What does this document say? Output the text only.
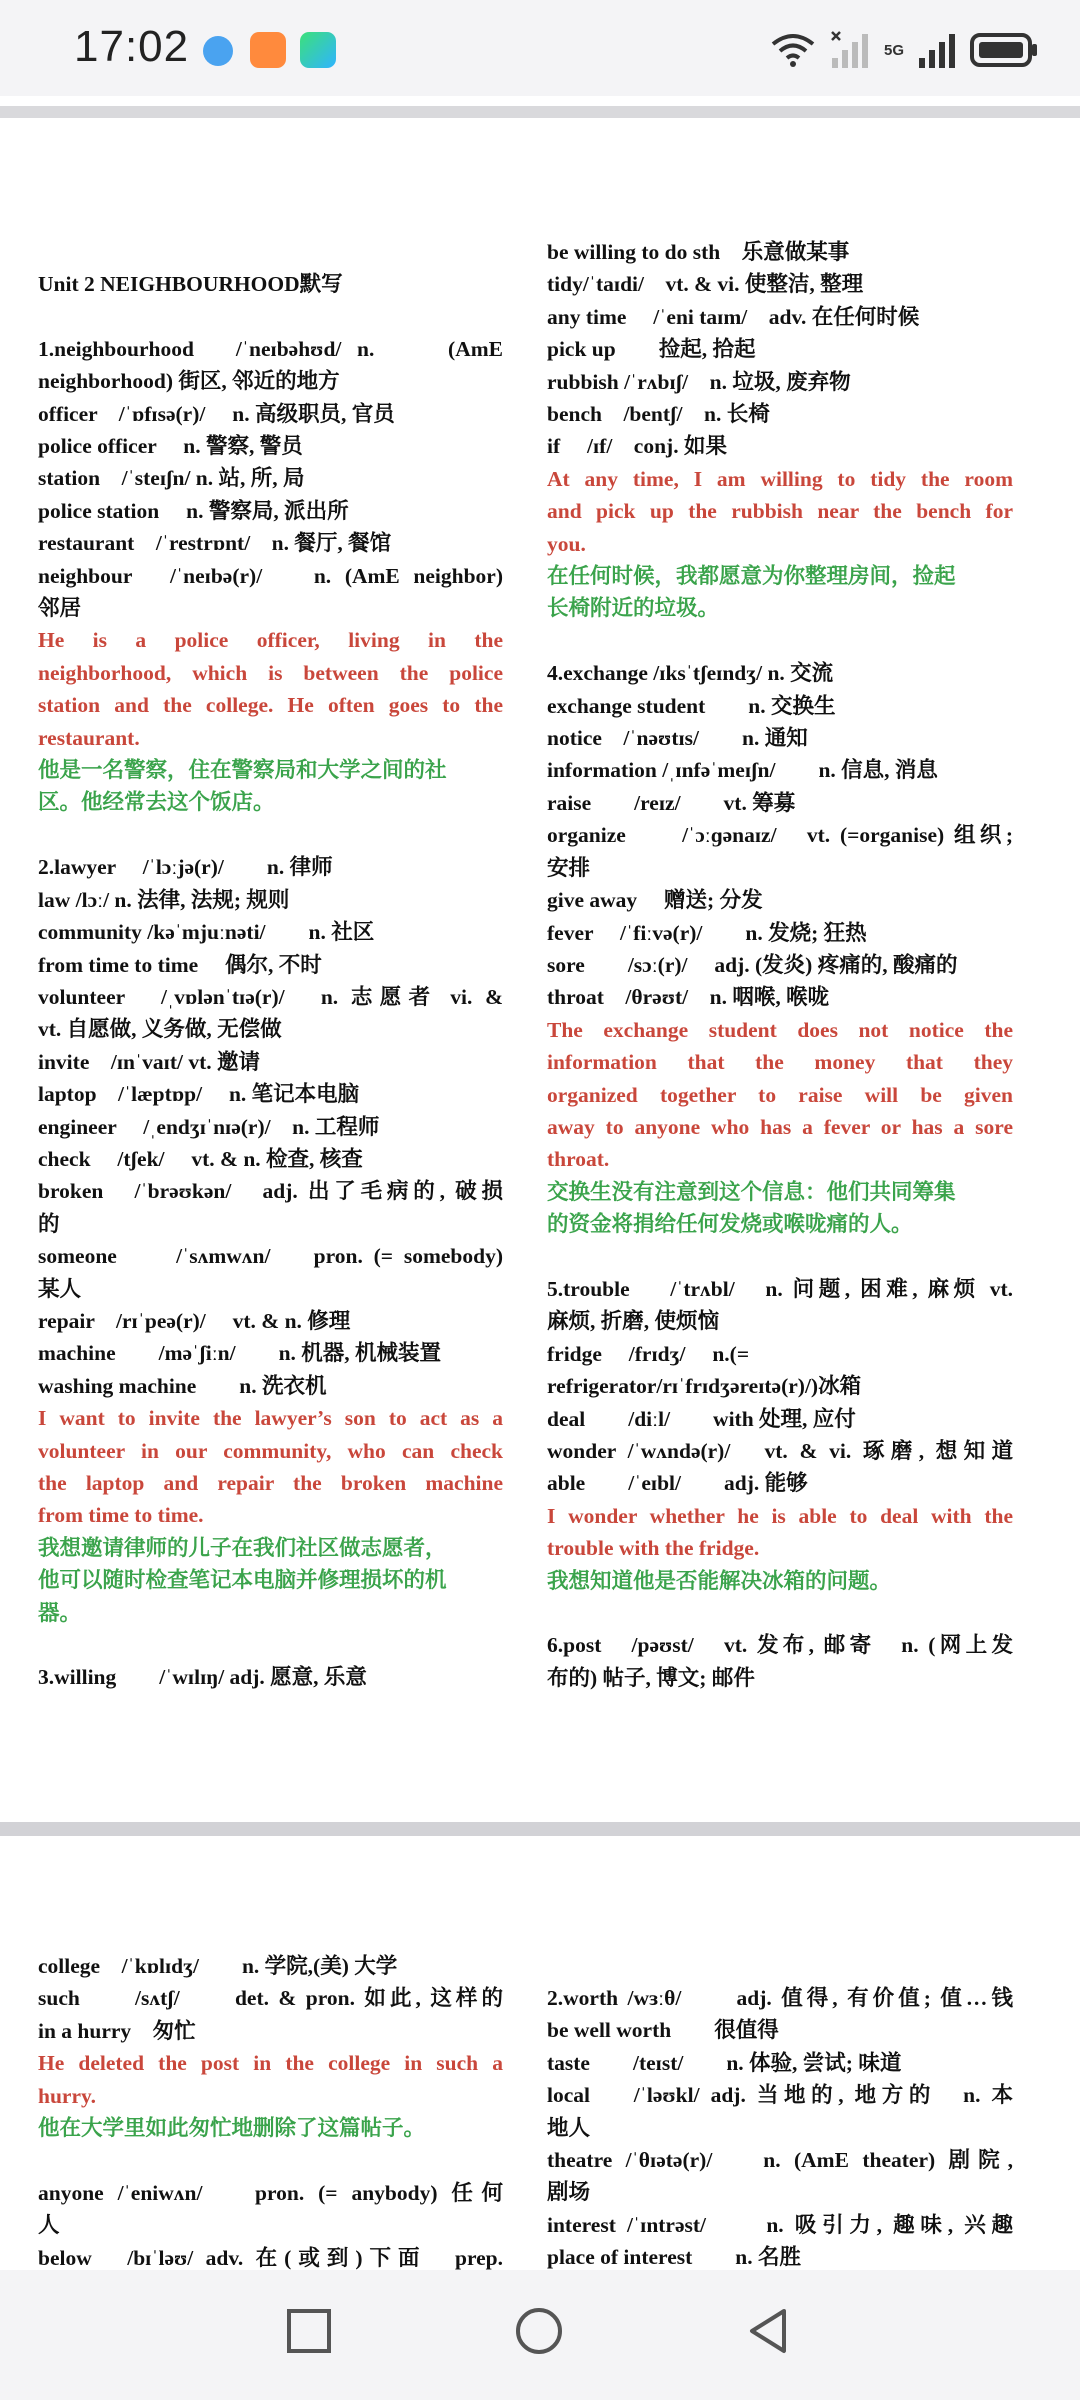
17:02	5G
Unit 2 NEIGHBOURHOOD默写
1.neighbourhood　/ˈneɪbəhʊd/ n.　　(AmE
neighborhood) 街区, 邻近的地方
officer　/ˈɒfɪsə(r)/　 n. 高级职员, 官员
police officer　 n. 警察, 警员
station　/ˈsteɪʃn/ n. 站, 所, 局
police station　 n. 警察局, 派出所
restaurant　/ˈrestrɒnt/　n. 餐厅, 餐馆
neighbour　/ˈneɪbə(r)/　 n. (AmE neighbor)
邻居
He is a police officer, living in the
neighborhood, which is between the police
station and the college. He often goes to the
restaurant.
他是一名警察，住在警察局和大学之间的社
区。他经常去这个饭店。
2.lawyer　 /ˈlɔːjə(r)/　　n. 律师
law /lɔː/ n. 法律, 法规; 规则
community /kəˈmjuːnəti/　　n. 社区
from time to time　 偶尔, 不时
volunteer　/ˌvɒlənˈtɪə(r)/　n. 志愿者 vi. &
vt. 自愿做, 义务做, 无偿做
invite　/ɪnˈvaɪt/ vt. 邀请
laptop　/ˈlæptɒp/　 n. 笔记本电脑
engineer　 /ˌendʒɪˈnɪə(r)/　n. 工程师
check　 /tʃek/　 vt. & n. 检查, 核查
broken　/ˈbrəʊkən/　adj. 出了毛病的, 破损
的
someone　　/ˈsʌmwʌn/　 pron. (= somebody)
某人
repair　/rɪˈpeə(r)/　 vt. & n. 修理
machine　　/məˈʃiːn/　　n. 机器, 机械装置
washing machine　　n. 洗衣机
I want to invite the lawyer’s son to act as a
volunteer in our community, who can check
the laptop and repair the broken machine
from time to time.
我想邀请律师的儿子在我们社区做志愿者，
他可以随时检查笔记本电脑并修理损坏的机
器。
3.willing　　/ˈwɪlɪŋ/ adj. 愿意, 乐意
be willing to do sth　乐意做某事
tidy/ˈtaɪdi/　vt. & vi. 使整洁, 整理
any time　 /ˈeni taɪm/　adv. 在任何时候
pick up　　捡起, 拾起
rubbish /ˈrʌbɪʃ/　n. 垃圾, 废弃物
bench　/bentʃ/　n. 长椅
if　 /ɪf/　conj. 如果
At any time, I am willing to tidy the room
and pick up the rubbish near the bench for
you.
在任何时候，我都愿意为你整理房间，捡起
长椅附近的垃圾。
4.exchange /ɪksˈtʃeɪndʒ/ n. 交流
exchange student　　n. 交换生
notice　/ˈnəʊtɪs/　　n. 通知
information /ˌɪnfəˈmeɪʃn/　　n. 信息, 消息
raise　　/reɪz/　　vt. 筹募
organize　　/ˈɔːɡənaɪz/　vt. (=organise) 组织;
安排
give away　 赠送; 分发
fever　 /ˈfiːvə(r)/　　n. 发烧; 狂热
sore　　/sɔː(r)/　 adj. (发炎) 疼痛的, 酸痛的
throat　/θrəʊt/　n. 咽喉, 喉咙
The exchange student does not notice the
information that the money that they
organized together to raise will be given
away to anyone who has a fever or has a sore
throat.
交换生没有注意到这个信息：他们共同筹集
的资金将捐给任何发烧或喉咙痛的人。
5.trouble　 /ˈtrʌbl/　n. 问题, 困难, 麻烦 vt.
麻烦, 折磨, 使烦恼
fridge　 /frɪdʒ/　 n.(=
refrigerator/rɪˈfrɪdʒəreɪtə(r)/)冰箱
deal　　/diːl/　　with 处理, 应付
wonder /ˈwʌndə(r)/　vt. & vi. 琢磨, 想知道
able　　/ˈeɪbl/　　adj. 能够
I wonder whether he is able to deal with the
trouble with the fridge.
我想知道他是否能解决冰箱的问题。
6.post　/pəʊst/　vt. 发布, 邮寄　n. (网上发
布的) 帖子, 博文; 邮件
college　/ˈkɒlɪdʒ/　　n. 学院,(美) 大学
such　　/sʌtʃ/　　det. & pron. 如此, 这样的
in a hurry　匆忙
He deleted the post in the college in such a
hurry.
他在大学里如此匆忙地删除了这篇帖子。
anyone /ˈeniwʌn/　 pron. (= anybody) 任何
人
below　/bɪˈləʊ/ adv. 在(或到)下面　prep.
2.worth /wɜːθ/　　adj. 值得, 有价值; 值…钱
be well worth　　很值得
taste　　/teɪst/　　n. 体验, 尝试; 味道
local　 /ˈləʊkl/ adj. 当地的, 地方的　n. 本
地人
theatre /ˈθɪətə(r)/　 n. (AmE theater) 剧院,
剧场
interest /ˈɪntrəst/　　n. 吸引力, 趣味, 兴趣
place of interest　　n. 名胜
